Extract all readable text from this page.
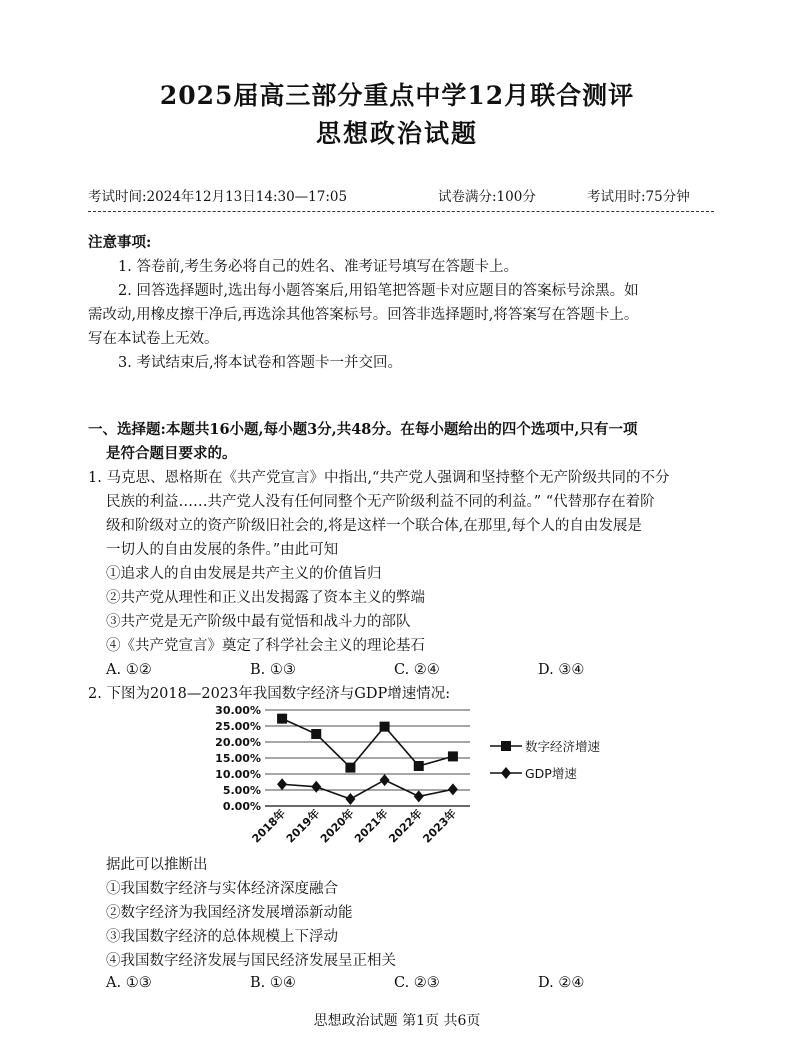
2025届高三部分重点中学12月联合测评
思想政治试题
考试时间:2024年12月13日14:30—17:05	试卷满分:100分	考试用时:75分钟
注意事项:
1. 答卷前,考生务必将自己的姓名、准考证号填写在答题卡上。
2. 回答选择题时,选出每小题答案后,用铅笔把答题卡对应题目的答案标号涂黑。如
需改动,用橡皮擦干净后,再选涂其他答案标号。回答非选择题时,将答案写在答题卡上。
写在本试卷上无效。
3. 考试结束后,将本试卷和答题卡一并交回。
一、选择题:本题共16小题,每小题3分,共48分。在每小题给出的四个选项中,只有一项
是符合题目要求的。
1. 马克思、恩格斯在《共产党宣言》中指出,“共产党人强调和坚持整个无产阶级共同的不分
民族的利益……共产党人没有任何同整个无产阶级利益不同的利益。” “代替那存在着阶
级和阶级对立的资产阶级旧社会的,将是这样一个联合体,在那里,每个人的自由发展是
一切人的自由发展的条件。”由此可知
①追求人的自由发展是共产主义的价值旨归
②共产党从理性和正义出发揭露了资本主义的弊端
③共产党是无产阶级中最有觉悟和战斗力的部队
④《共产党宣言》奠定了科学社会主义的理论基石
A. ①②	B. ①③	C. ②④	D. ③④
2. 下图为2018—2023年我国数字经济与GDP增速情况:
0.00%
5.00%
10.00%
15.00%
20.00%
25.00%
30.00%
2018年
2019年
2020年
2021年
2022年
2023年
数字经济增速
GDP增速
据此可以推断出
①我国数字经济与实体经济深度融合
②数字经济为我国经济发展增添新动能
③我国数字经济的总体规模上下浮动
④我国数字经济发展与国民经济发展呈正相关
A. ①③	B. ①④	C. ②③	D. ②④
思想政治试题 第1页 共6页
